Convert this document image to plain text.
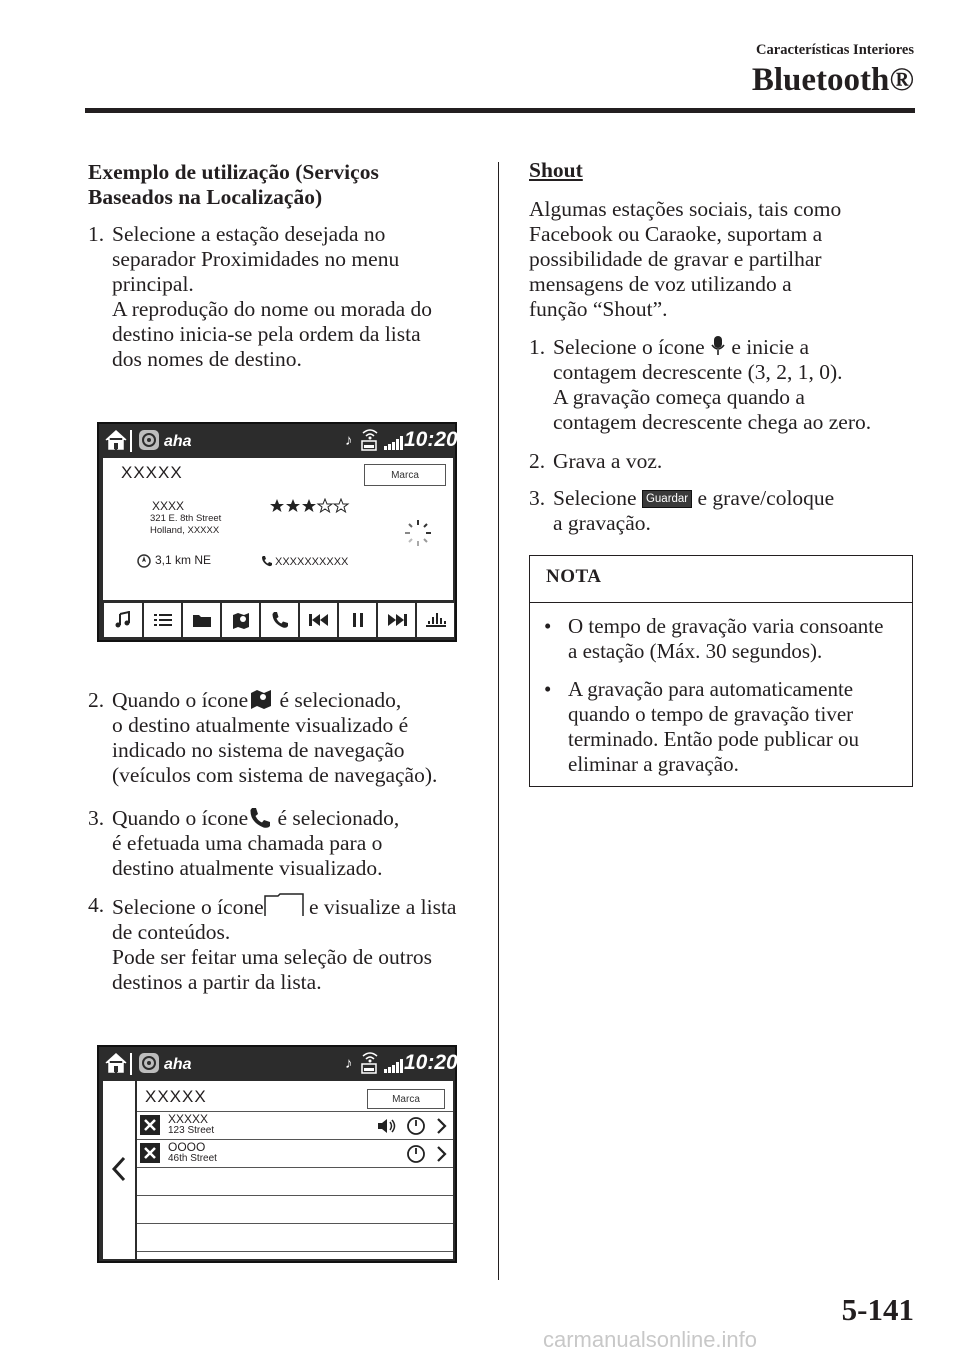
Características Interiores
Bluetooth®
Exemplo de utilização (Serviços
Baseados na Localização)
1. Selecione a estação desejada no
separador Proximidades no menu
principal.
A reprodução do nome ou morada do
destino inicia-se pela ordem da lista
dos nomes de destino.
aha	♪ 10:20
XXXXX	Marca
XXXX
321 E. 8th Street
Holland, XXXXX
3,1 km NE	XXXXXXXXXX
2. Quando o ícone é selecionado,
o destino atualmente visualizado é
indicado no sistema de navegação
(veículos com sistema de navegação).
3. Quando o ícone é selecionado,
é efetuada uma chamada para o
destino atualmente visualizado.
4. Selecione o ícone e visualize a lista
de conteúdos.
Pode ser feitar uma seleção de outros
destinos a partir da lista.
aha	♪ 10:20
XXXXX	Marca
XXXXX
123 Street
OOOO
46th Street
Shout
Algumas estações sociais, tais como
Facebook ou Caraoke, suportam a
possibilidade de gravar e partilhar
mensagens de voz utilizando a
função “Shout”.
1. Selecione o ícone e inicie a
contagem decrescente (3, 2, 1, 0).
A gravação começa quando a
contagem decrescente chega ao zero.
2. Grava a voz.
3. Selecione Guardar e grave/coloque
a gravação.
NOTA
• O tempo de gravação varia consoante
a estação (Máx. 30 segundos).
• A gravação para automaticamente
quando o tempo de gravação tiver
terminado. Então pode publicar ou
eliminar a gravação.
5-141
carmanualsonline.info
